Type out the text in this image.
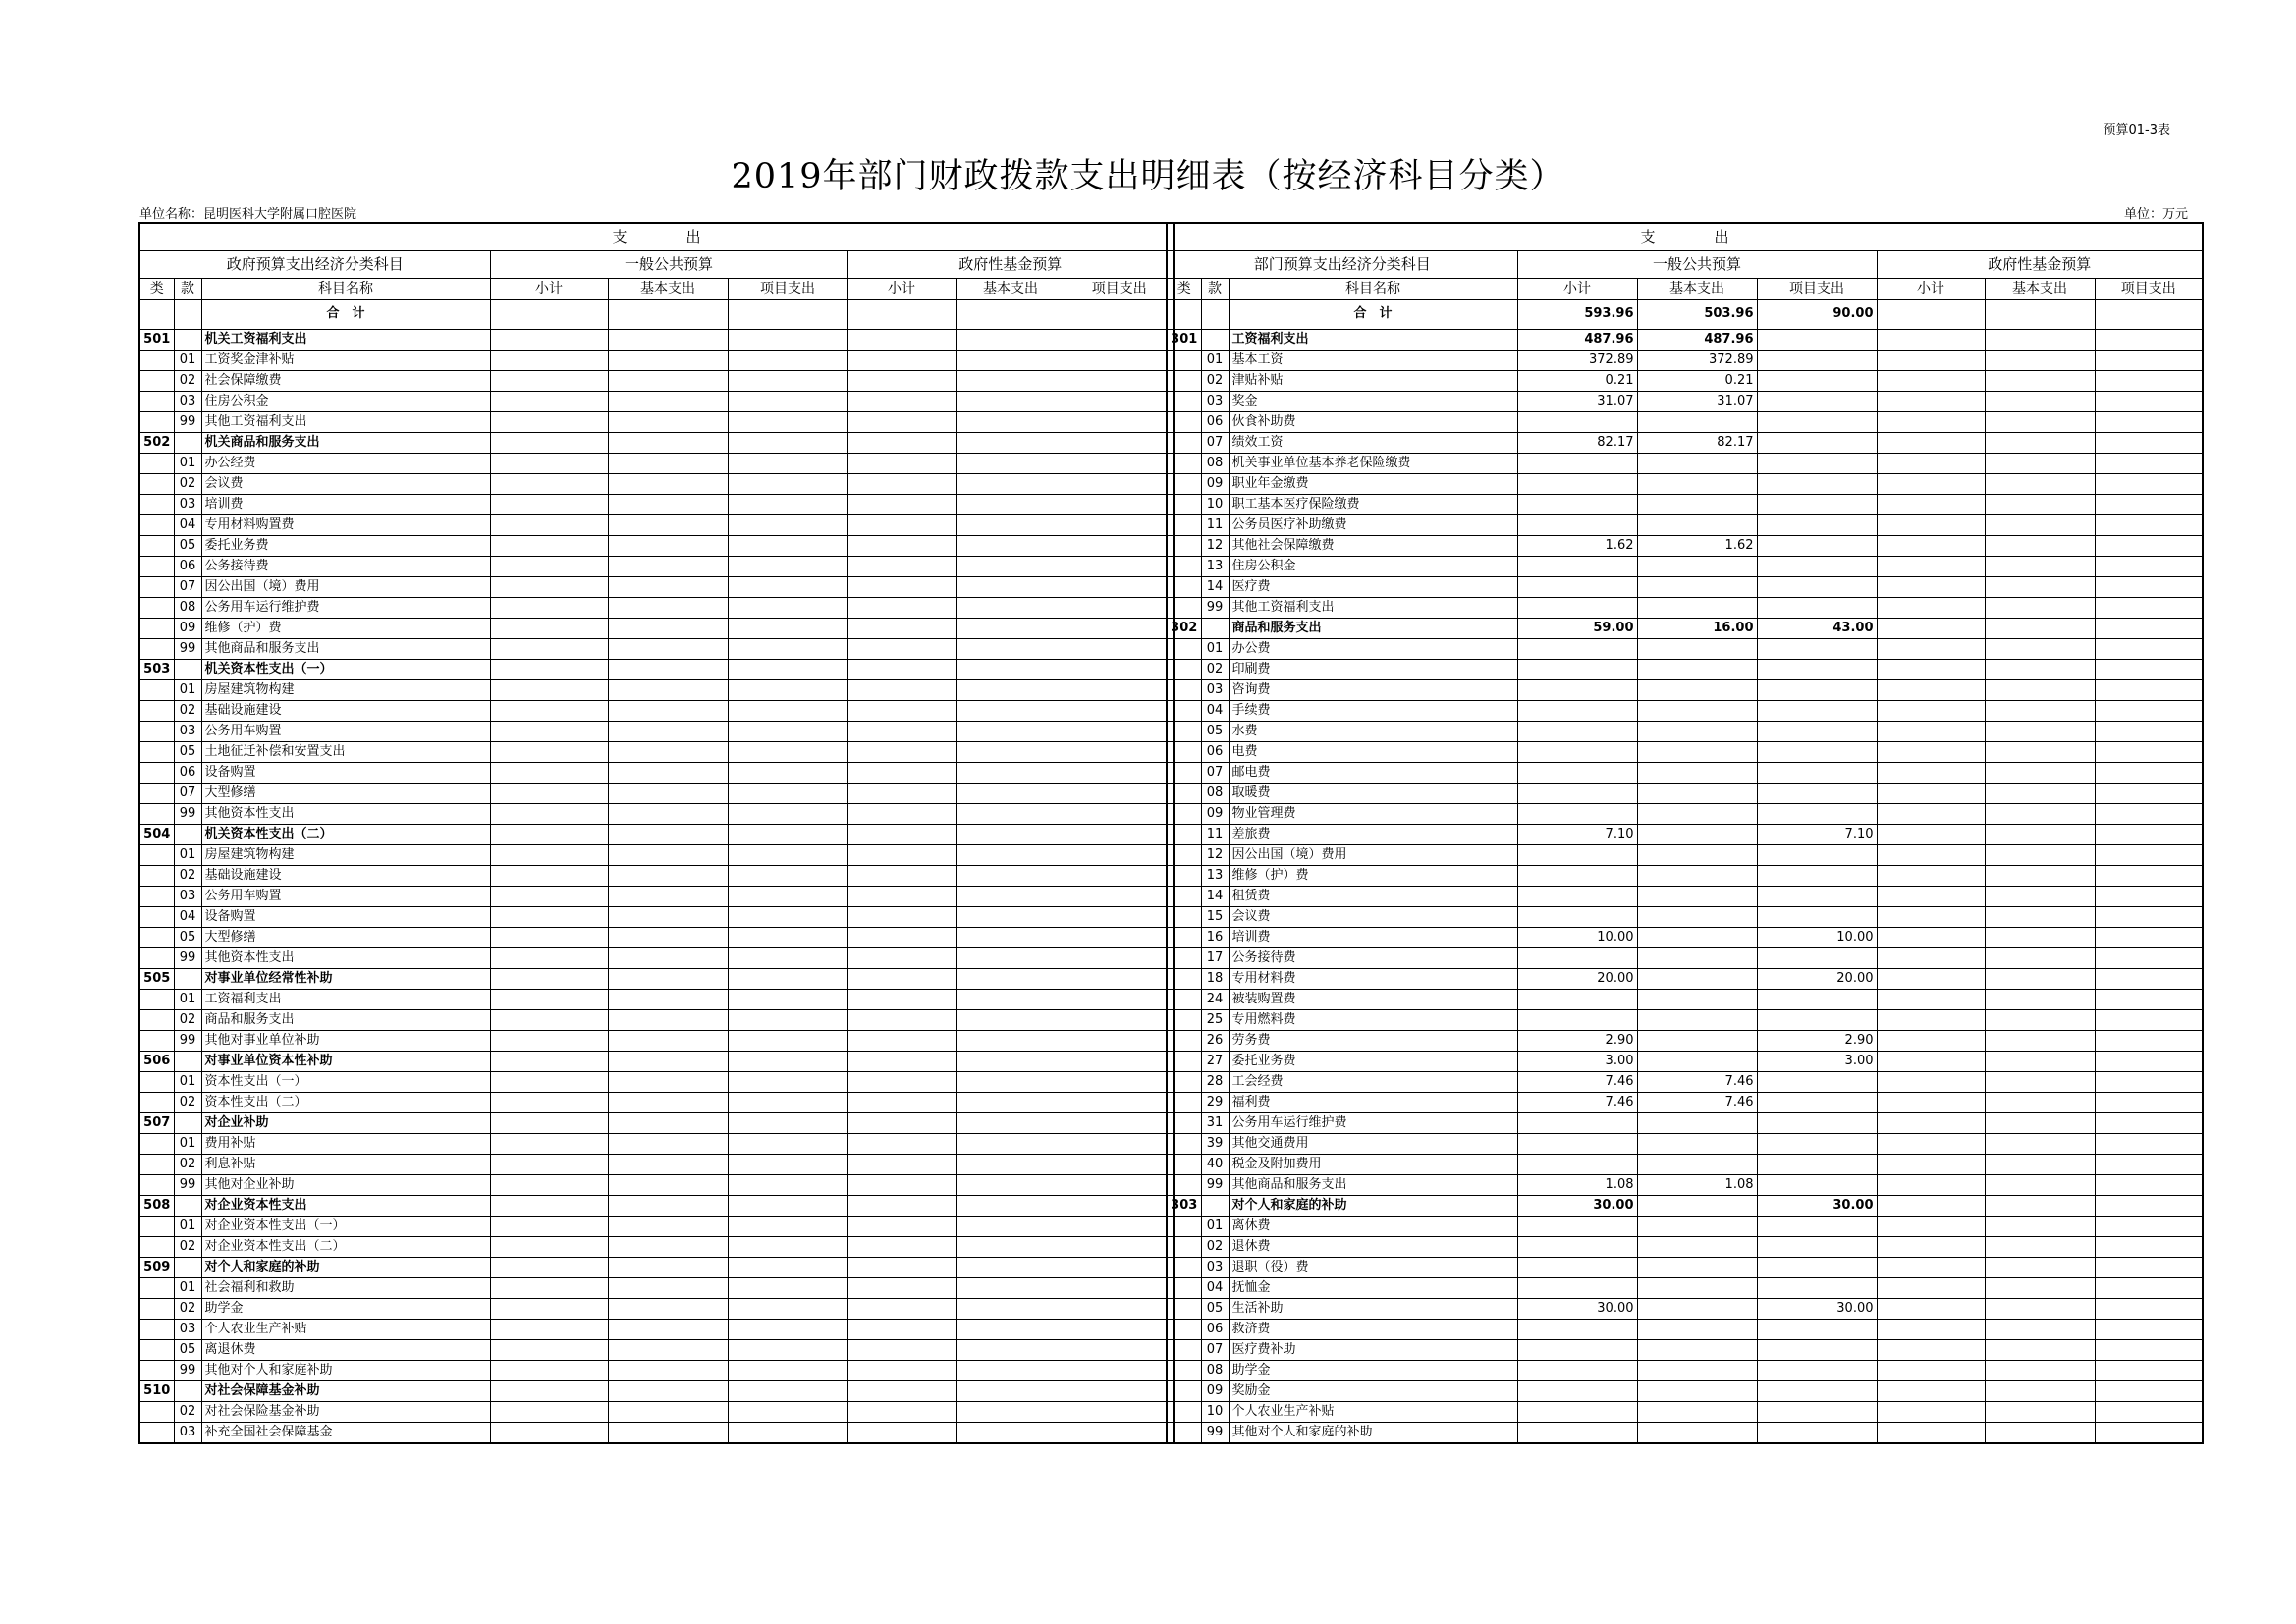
预算01-3表
2019年部门财政拨款支出明细表（按经济科目分类）
单位名称：昆明医科大学附属口腔医院	单位：万元
支　　　　出								
政府预算支出经济分类科目			一般公共预算			政府性基金预算		
类	款	科目名称	小计	基本支出	项目支出	小计	基本支出	项目支出
		合　计						
501		机关工资福利支出						
	01	工资奖金津补贴						
	02	社会保障缴费						
	03	住房公积金						
	99	其他工资福利支出						
502		机关商品和服务支出						
	01	办公经费						
	02	会议费						
	03	培训费						
	04	专用材料购置费						
	05	委托业务费						
	06	公务接待费						
	07	因公出国（境）费用						
	08	公务用车运行维护费						
	09	维修（护）费						
	99	其他商品和服务支出						
503		机关资本性支出（一）						
	01	房屋建筑物构建						
	02	基础设施建设						
	03	公务用车购置						
	05	土地征迁补偿和安置支出						
	06	设备购置						
	07	大型修缮						
	99	其他资本性支出						
504		机关资本性支出（二）						
	01	房屋建筑物构建						
	02	基础设施建设						
	03	公务用车购置						
	04	设备购置						
	05	大型修缮						
	99	其他资本性支出						
505		对事业单位经常性补助						
	01	工资福利支出						
	02	商品和服务支出						
	99	其他对事业单位补助						
506		对事业单位资本性补助						
	01	资本性支出（一）						
	02	资本性支出（二）						
507		对企业补助						
	01	费用补贴						
	02	利息补贴						
	99	其他对企业补助						
508		对企业资本性支出						
	01	对企业资本性支出（一）						
	02	对企业资本性支出（二）						
509		对个人和家庭的补助						
	01	社会福利和救助						
	02	助学金						
	03	个人农业生产补贴						
	05	离退休费						
	99	其他对个人和家庭补助						
510		对社会保障基金补助						
	02	对社会保险基金补助						
	03	补充全国社会保障基金						
支　　　　出								
部门预算支出经济分类科目			一般公共预算			政府性基金预算		
类	款	科目名称	小计	基本支出	项目支出	小计	基本支出	项目支出
		合　计	593.96	503.96	90.00			
301		工资福利支出	487.96	487.96				
	01	基本工资	372.89	372.89				
	02	津贴补贴	0.21	0.21				
	03	奖金	31.07	31.07				
	06	伙食补助费						
	07	绩效工资	82.17	82.17				
	08	机关事业单位基本养老保险缴费						
	09	职业年金缴费						
	10	职工基本医疗保险缴费						
	11	公务员医疗补助缴费						
	12	其他社会保障缴费	1.62	1.62				
	13	住房公积金						
	14	医疗费						
	99	其他工资福利支出						
302		商品和服务支出	59.00	16.00	43.00			
	01	办公费						
	02	印刷费						
	03	咨询费						
	04	手续费						
	05	水费						
	06	电费						
	07	邮电费						
	08	取暖费						
	09	物业管理费						
	11	差旅费	7.10		7.10			
	12	因公出国（境）费用						
	13	维修（护）费						
	14	租赁费						
	15	会议费						
	16	培训费	10.00		10.00			
	17	公务接待费						
	18	专用材料费	20.00		20.00			
	24	被装购置费						
	25	专用燃料费						
	26	劳务费	2.90		2.90			
	27	委托业务费	3.00		3.00			
	28	工会经费	7.46	7.46				
	29	福利费	7.46	7.46				
	31	公务用车运行维护费						
	39	其他交通费用						
	40	税金及附加费用						
	99	其他商品和服务支出	1.08	1.08				
303		对个人和家庭的补助	30.00		30.00			
	01	离休费						
	02	退休费						
	03	退职（役）费						
	04	抚恤金						
	05	生活补助	30.00		30.00			
	06	救济费						
	07	医疗费补助						
	08	助学金						
	09	奖励金						
	10	个人农业生产补贴						
	99	其他对个人和家庭的补助						
